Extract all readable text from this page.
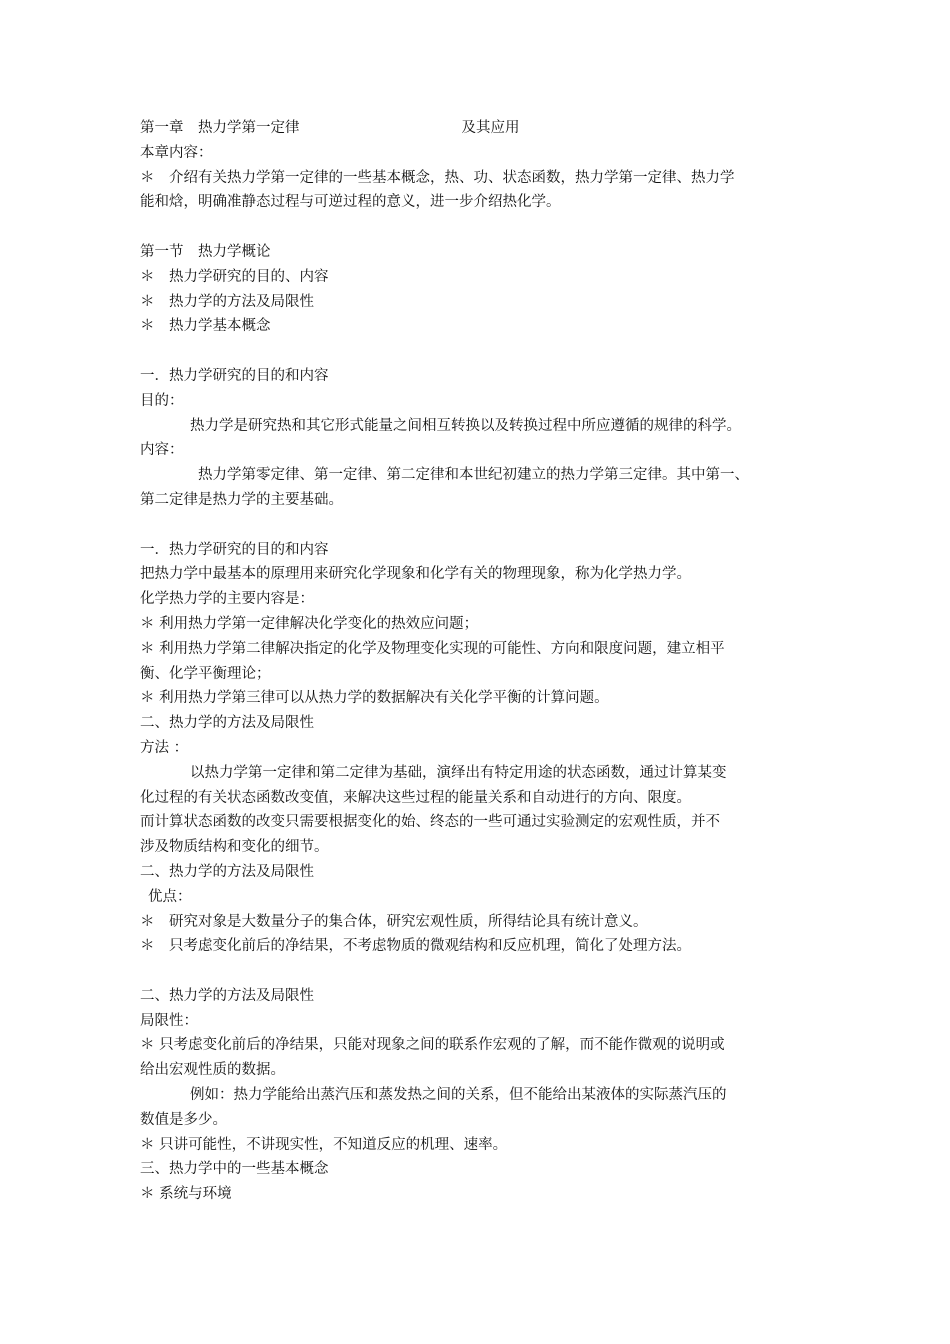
第一章　热力学第一定律	及其应用
本章内容：
＊　介绍有关热力学第一定律的一些基本概念，热、功、状态函数，热力学第一定律、热力学
能和焓，明确准静态过程与可逆过程的意义，进一步介绍热化学。
第一节　热力学概论
＊　热力学研究的目的、内容
＊　热力学的方法及局限性
＊　热力学基本概念
一．热力学研究的目的和内容
目的：
热力学是研究热和其它形式能量之间相互转换以及转换过程中所应遵循的规律的科学。
内容：
热力学第零定律、第一定律、第二定律和本世纪初建立的热力学第三定律。其中第一、
第二定律是热力学的主要基础。
一．热力学研究的目的和内容
把热力学中最基本的原理用来研究化学现象和化学有关的物理现象，称为化学热力学。
化学热力学的主要内容是：
＊ 利用热力学第一定律解决化学变化的热效应问题；
＊ 利用热力学第二律解决指定的化学及物理变化实现的可能性、方向和限度问题，建立相平
衡、化学平衡理论；
＊ 利用热力学第三律可以从热力学的数据解决有关化学平衡的计算问题。
二、热力学的方法及局限性
方法 ：
以热力学第一定律和第二定律为基础，演绎出有特定用途的状态函数，通过计算某变
化过程的有关状态函数改变值，来解决这些过程的能量关系和自动进行的方向、限度。
而计算状态函数的改变只需要根据变化的始、终态的一些可通过实验测定的宏观性质，并不
涉及物质结构和变化的细节。
二、热力学的方法及局限性
优点：
＊　研究对象是大数量分子的集合体，研究宏观性质，所得结论具有统计意义。
＊　只考虑变化前后的净结果，不考虑物质的微观结构和反应机理，简化了处理方法。
二、热力学的方法及局限性
局限性：
＊ 只考虑变化前后的净结果，只能对现象之间的联系作宏观的了解，而不能作微观的说明或
给出宏观性质的数据。
例如：热力学能给出蒸汽压和蒸发热之间的关系，但不能给出某液体的实际蒸汽压的
数值是多少。
＊ 只讲可能性，不讲现实性，不知道反应的机理、速率。
三、热力学中的一些基本概念
＊ 系统与环境
